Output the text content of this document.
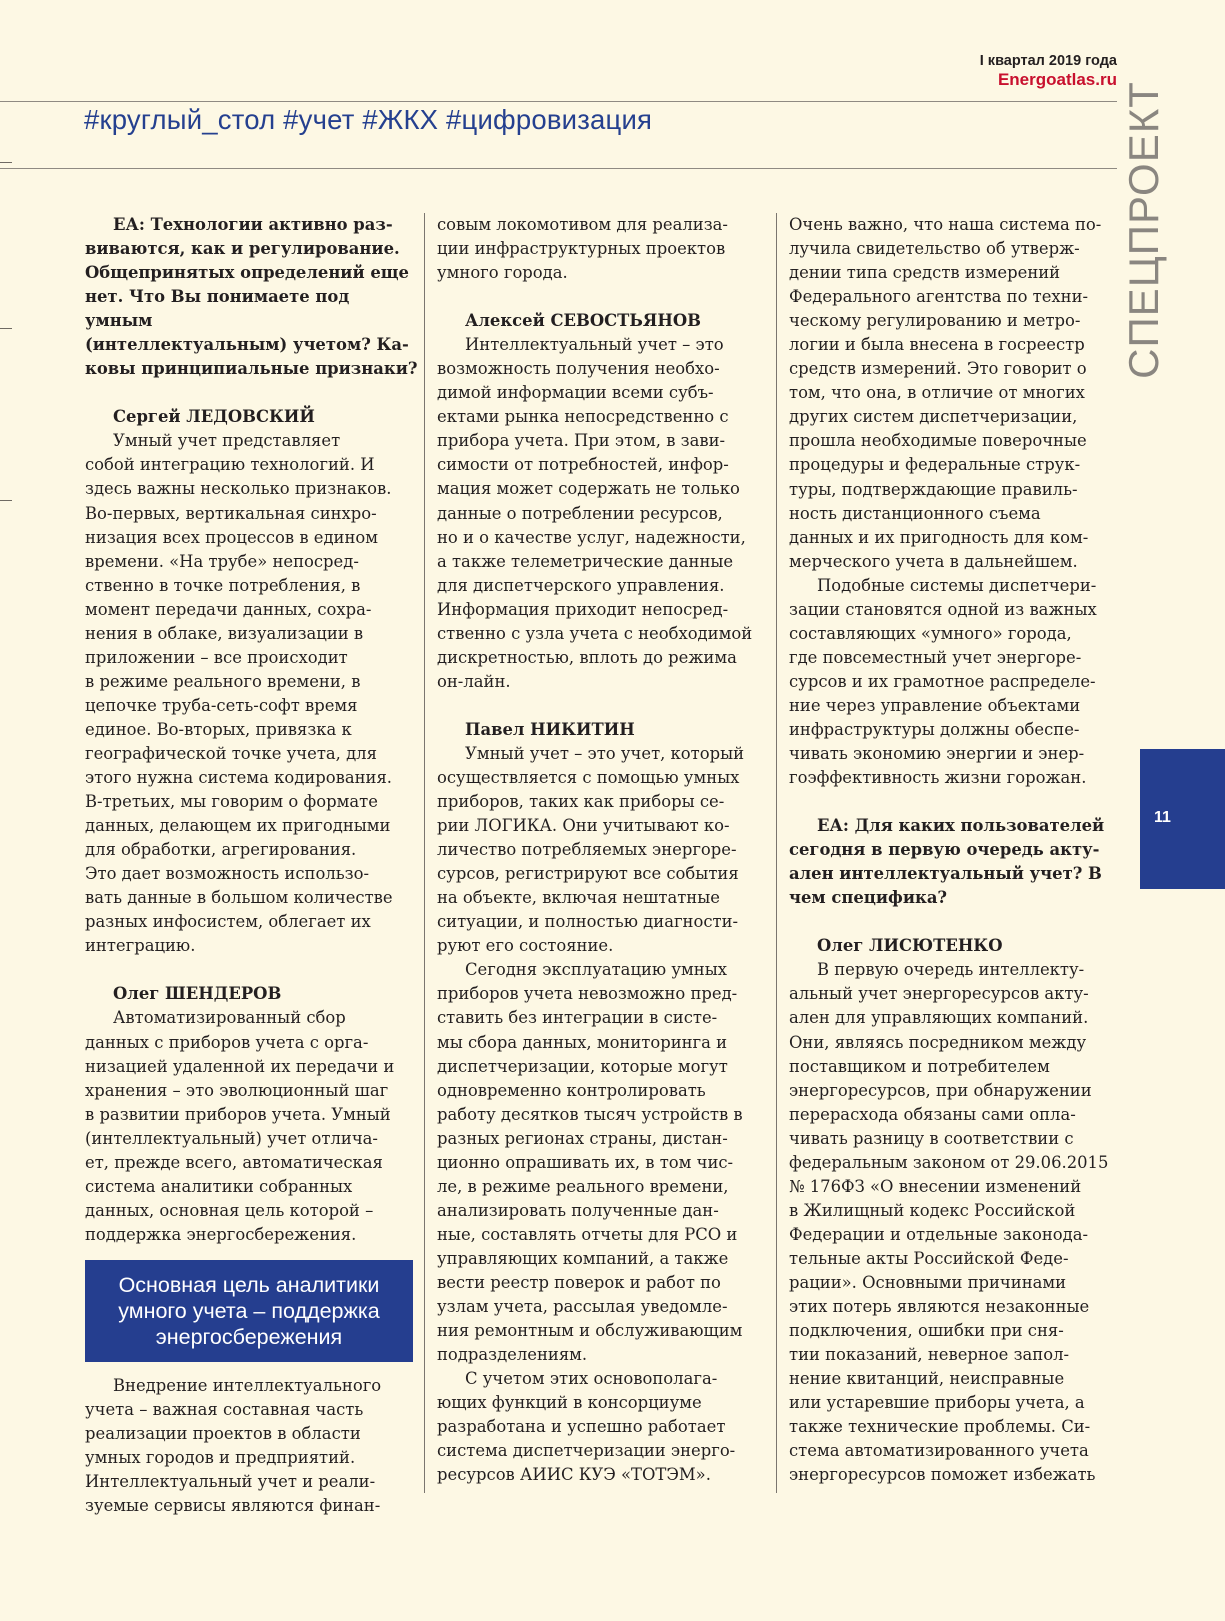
I квартал 2019 года
Energoatlas.ru
#круглый_стол #учет #ЖКХ #цифровизация	СПЕЦПРОЕКТ
11

ЕА: Технологии активно раз-
виваются, как и регулирование.
Общепринятых определений еще
нет. Что Вы понимаете под умным
(интеллектуальным) учетом? Ка-
ковы принципиальные признаки?

Сергей ЛЕДОВСКИЙ

Умный учет представляет
собой интеграцию технологий. И
здесь важны несколько признаков.
Во-первых, вертикальная синхро-
низация всех процессов в едином
времени. «На трубе» непосред-
ственно в точке потребления, в
момент передачи данных, сохра-
нения в облаке, визуализации в
приложении – все происходит
в режиме реального времени, в
цепочке труба-сеть-софт время
единое. Во-вторых, привязка к
географической точке учета, для
этого нужна система кодирования.
В-третьих, мы говорим о формате
данных, делающем их пригодными
для обработки, агрегирования.
Это дает возможность использо-
вать данные в большом количестве
разных инфосистем, облегает их
интеграцию.

Олег ШЕНДЕРОВ

Автоматизированный сбор
данных с приборов учета с орга-
низацией удаленной их передачи и
хранения – это эволюционный шаг
в развитии приборов учета. Умный
(интеллектуальный) учет отлича-
ет, прежде всего, автоматическая
система аналитики собранных
данных, основная цель которой –
поддержка энергосбережения.

Основная цель аналитики
умного учета – поддержка
энергосбережения

Внедрение интеллектуального
учета – важная составная часть
реализации проектов в области
умных городов и предприятий.
Интеллектуальный учет и реали-
зуемые сервисы являются финан-

совым локомотивом для реализа-
ции инфраструктурных проектов
умного города.

Алексей СЕВОСТЬЯНОВ

Интеллектуальный учет – это
возможность получения необхо-
димой информации всеми субъ-
ектами рынка непосредственно с
прибора учета. При этом, в зави-
симости от потребностей, инфор-
мация может содержать не только
данные о потреблении ресурсов,
но и о качестве услуг, надежности,
а также телеметрические данные
для диспетчерского управления.
Информация приходит непосред-
ственно с узла учета с необходимой
дискретностью, вплоть до режима
он-лайн.

Павел НИКИТИН

Умный учет – это учет, который
осуществляется с помощью умных
приборов, таких как приборы се-
рии ЛОГИКА. Они учитывают ко-
личество потребляемых энергоре-
сурсов, регистрируют все события
на объекте, включая нештатные
ситуации, и полностью диагности-
руют его состояние.

Сегодня эксплуатацию умных
приборов учета невозможно пред-
ставить без интеграции в систе-
мы сбора данных, мониторинга и
диспетчеризации, которые могут
одновременно контролировать
работу десятков тысяч устройств в
разных регионах страны, дистан-
ционно опрашивать их, в том чис-
ле, в режиме реального времени,
анализировать полученные дан-
ные, составлять отчеты для РСО и
управляющих компаний, а также
вести реестр поверок и работ по
узлам учета, рассылая уведомле-
ния ремонтным и обслуживающим
подразделениям.

С учетом этих основополага-
ющих функций в консорциуме
разработана и успешно работает
система диспетчеризации энерго-
ресурсов АИИС КУЭ «ТОТЭМ».

Очень важно, что наша система по-
лучила свидетельство об утверж-
дении типа средств измерений
Федерального агентства по техни-
ческому регулированию и метро-
логии и была внесена в госреестр
средств измерений. Это говорит о
том, что она, в отличие от многих
других систем диспетчеризации,
прошла необходимые поверочные
процедуры и федеральные струк-
туры, подтверждающие правиль-
ность дистанционного съема
данных и их пригодность для ком-
мерческого учета в дальнейшем.

Подобные системы диспетчери-
зации становятся одной из важных
составляющих «умного» города,
где повсеместный учет энергоре-
сурсов и их грамотное распределе-
ние через управление объектами
инфраструктуры должны обеспе-
чивать экономию энергии и энер-
гоэффективность жизни горожан.

ЕА: Для каких пользователей
сегодня в первую очередь акту-
ален интеллектуальный учет? В
чем специфика?

Олег ЛИСЮТЕНКО

В первую очередь интеллекту-
альный учет энергоресурсов акту-
ален для управляющих компаний.
Они, являясь посредником между
поставщиком и потребителем
энергоресурсов, при обнаружении
перерасхода обязаны сами опла-
чивать разницу в соответствии с
федеральным законом от 29.06.2015
№ 176ФЗ «О внесении изменений
в Жилищный кодекс Российской
Федерации и отдельные законода-
тельные акты Российской Феде-
рации». Основными причинами
этих потерь являются незаконные
подключения, ошибки при сня-
тии показаний, неверное запол-
нение квитанций, неисправные
или устаревшие приборы учета, а
также технические проблемы. Си-
стема автоматизированного учета
энергоресурсов поможет избежать
